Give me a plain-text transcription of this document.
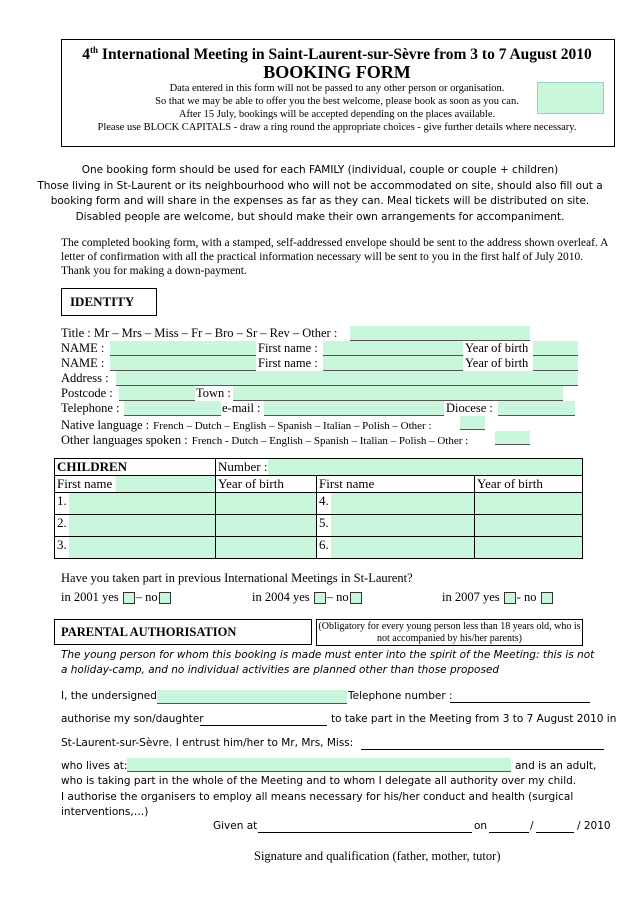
4th International Meeting in Saint-Laurent-sur-Sèvre from 3 to 7 August 2010
BOOKING FORM
Data entered in this form will not be passed to any other person or organisation.
So that we may be able to offer you the best welcome, please book as soon as you can.
After 15 July, bookings will be accepted depending on the places available.
Please use BLOCK CAPITALS - draw a ring round the appropriate choices - give further details where necessary.
One booking form should be used for each FAMILY (individual, couple or couple + children)
Those living in St-Laurent or its neighbourhood who will not be accommodated on site, should also fill out a
booking form and will share in the expenses as far as they can. Meal tickets will be distributed on site.
Disabled people are welcome, but should make their own arrangements for accompaniment.
The completed booking form, with a stamped, self-addressed envelope should be sent to the address shown overleaf. A letter of confirmation with all the practical information necessary will be sent to you in the first half of July 2010. Thank you for making a down-payment.
IDENTITY
Title : Mr – Mrs – Miss – Fr – Bro – Sr – Rev – Other :
NAME :	First name :	Year of birth
NAME :	First name :	Year of birth
Address :
Postcode :	Town :
Telephone :	e-mail :	Diocese :
Native language : French – Dutch – English – Spanish – Italian – Polish – Other :
Other languages spoken : French - Dutch – English – Spanish – Italian – Polish – Other :
CHILDREN	Number :		

First name	Year of birth	First name	Year of birth
1.		4.

2.		5.

3.		6.

Have you taken part in previous International Meetings in St-Laurent?
in 2001 yes – no	in 2004 yes – no	in 2007 yes - no
PARENTAL AUTHORISATION	(Obligatory for every young person less than 18 years old, who is not accompanied by his/her parents)
The young person for whom this booking is made must enter into the spirit of the Meeting: this is not a holiday-camp, and no individual activities are planned other than those proposed
I, the undersigned	Telephone number :
authorise my son/daughter	to take part in the Meeting from 3 to 7 August 2010 in
St-Laurent-sur-Sèvre. I entrust him/her to Mr, Mrs, Miss:
who lives at:	and is an adult,
who is taking part in the whole of the Meeting and to whom I delegate all authority over my child.
I authorise the organisers to employ all means necessary for his/her conduct and health (surgical interventions,…)
Given at	on	/	/ 2010
Signature and qualification (father, mother, tutor)
